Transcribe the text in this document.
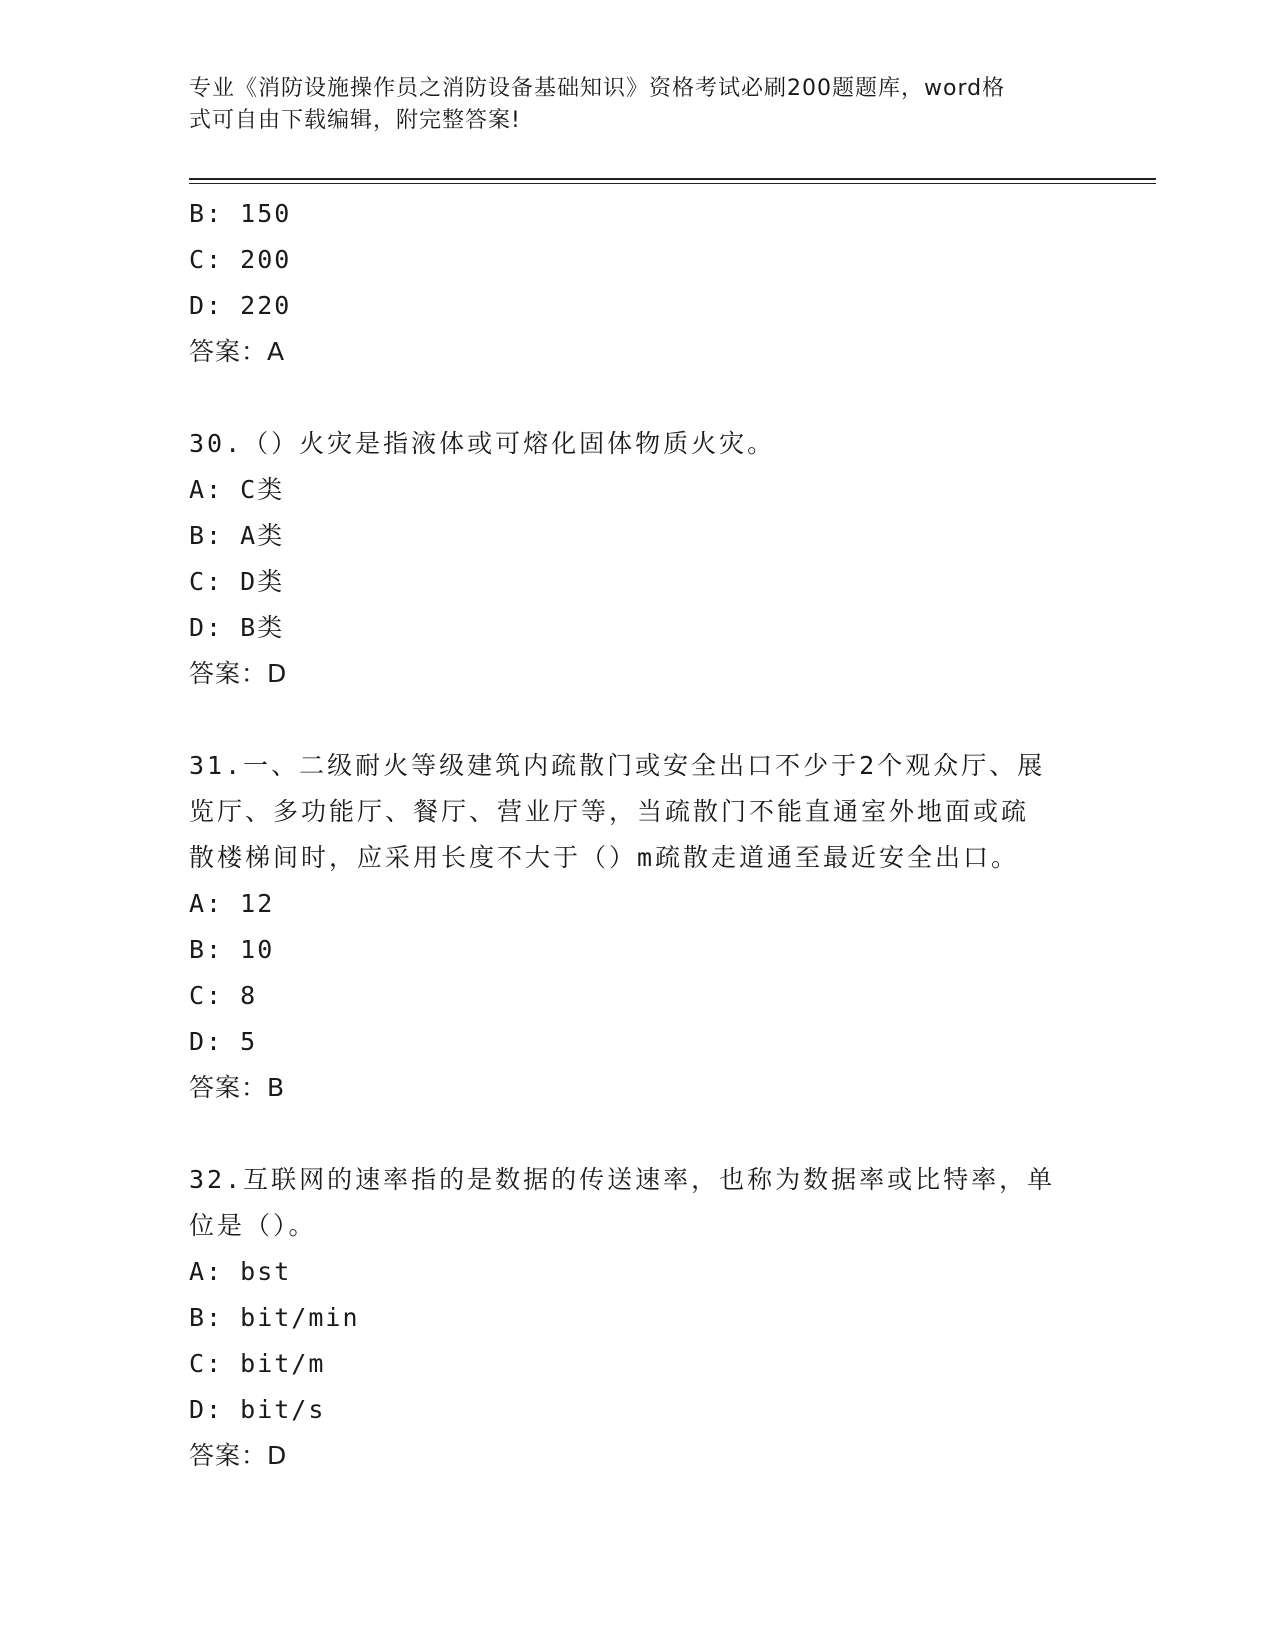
专业《消防设施操作员之消防设备基础知识》资格考试必刷200题题库，word格
式可自由下载编辑，附完整答案!
B: 150
C: 200
D: 220
答案：A
30.（）火灾是指液体或可熔化固体物质火灾。
A: C类
B: A类
C: D类
D: B类
答案：D
31.一、二级耐火等级建筑内疏散门或安全出口不少于2个观众厅、展
览厅、多功能厅、餐厅、营业厅等，当疏散门不能直通室外地面或疏
散楼梯间时，应采用长度不大于（）m疏散走道通至最近安全出口。
A: 12
B: 10
C: 8
D: 5
答案：B
32.互联网的速率指的是数据的传送速率，也称为数据率或比特率，单
位是（）。
A: bst
B: bit/min
C: bit/m
D: bit/s
答案：D
